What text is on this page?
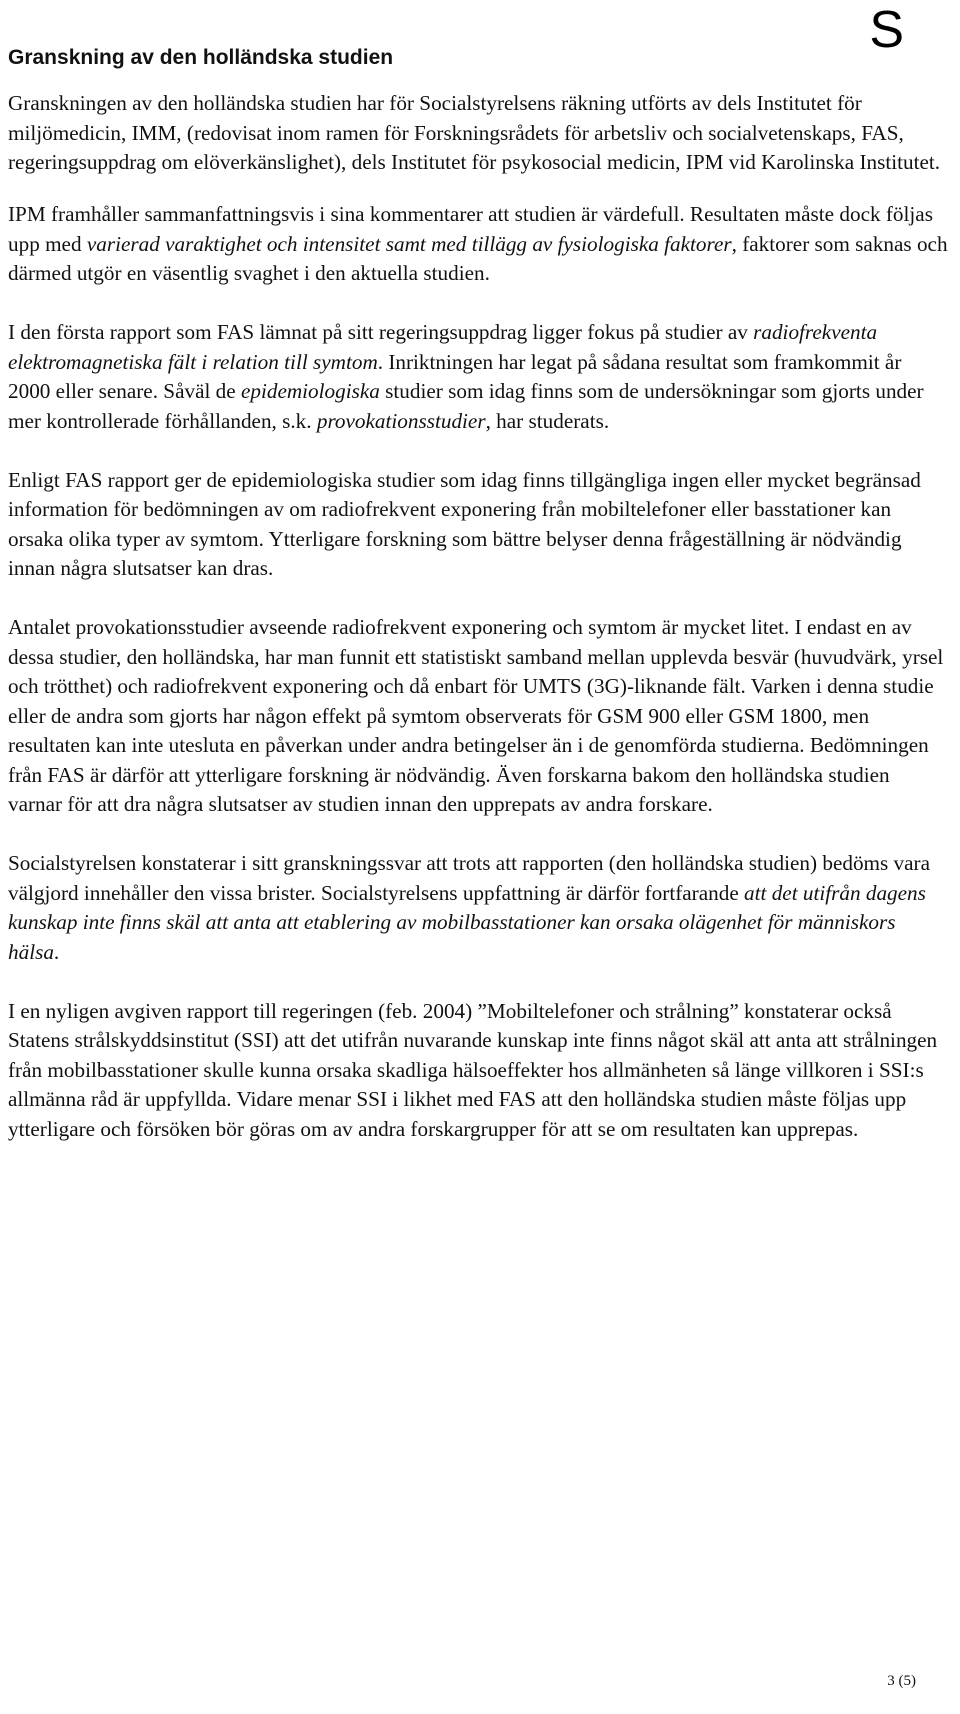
S
Granskning av den holländska studien

Granskningen av den holländska studien har för Socialstyrelsens räkning utförts av dels Institutet för miljömedicin, IMM, (redovisat inom ramen för Forskningsrådets för arbetsliv och socialvetenskaps, FAS, regeringsuppdrag om elöverkänslighet), dels Institutet för psykosocial medicin, IPM vid Karolinska Institutet.

IPM framhåller sammanfattningsvis i sina kommentarer att studien är värdefull. Resultaten måste dock följas upp med varierad varaktighet och intensitet samt med tillägg av fysiologiska faktorer, faktorer som saknas och därmed utgör en väsentlig svaghet i den aktuella studien.

I den första rapport som FAS lämnat på sitt regeringsuppdrag ligger fokus på studier av radiofrekventa elektromagnetiska fält i relation till symtom. Inriktningen har legat på sådana resultat som framkommit år 2000 eller senare. Såväl de epidemiologiska studier som idag finns som de undersökningar som gjorts under mer kontrollerade förhållanden, s.k. provokationsstudier, har studerats.

Enligt FAS rapport ger de epidemiologiska studier som idag finns tillgängliga ingen eller mycket begränsad information för bedömningen av om radiofrekvent exponering från mobiltelefoner eller basstationer kan orsaka olika typer av symtom. Ytterligare forskning som bättre belyser denna frågeställning är nödvändig innan några slutsatser kan dras.

Antalet provokationsstudier avseende radiofrekvent exponering och symtom är mycket litet. I endast en av dessa studier, den holländska, har man funnit ett statistiskt samband mellan upplevda besvär (huvudvärk, yrsel och trötthet) och radiofrekvent exponering och då enbart för UMTS (3G)-liknande fält. Varken i denna studie eller de andra som gjorts har någon effekt på symtom observerats för GSM 900 eller GSM 1800, men resultaten kan inte utesluta en påverkan under andra betingelser än i de genomförda studierna. Bedömningen från FAS är därför att ytterligare forskning är nödvändig. Även forskarna bakom den holländska studien varnar för att dra några slutsatser av studien innan den upprepats av andra forskare.

Socialstyrelsen konstaterar i sitt granskningssvar att trots att rapporten (den holländska studien) bedöms vara välgjord innehåller den vissa brister. Socialstyrelsens uppfattning är därför fortfarande att det utifrån dagens kunskap inte finns skäl att anta att etablering av mobilbasstationer kan orsaka olägenhet för människors hälsa.

I en nyligen avgiven rapport till regeringen (feb. 2004) ”Mobiltelefoner och strålning” konstaterar också Statens strålskyddsinstitut (SSI) att det utifrån nuvarande kunskap inte finns något skäl att anta att strålningen från mobilbasstationer skulle kunna orsaka skadliga hälsoeffekter hos allmänheten så länge villkoren i SSI:s allmänna råd är uppfyllda. Vidare menar SSI i likhet med FAS att den holländska studien måste följas upp ytterligare och försöken bör göras om av andra forskargrupper för att se om resultaten kan upprepas.

3 (5)
